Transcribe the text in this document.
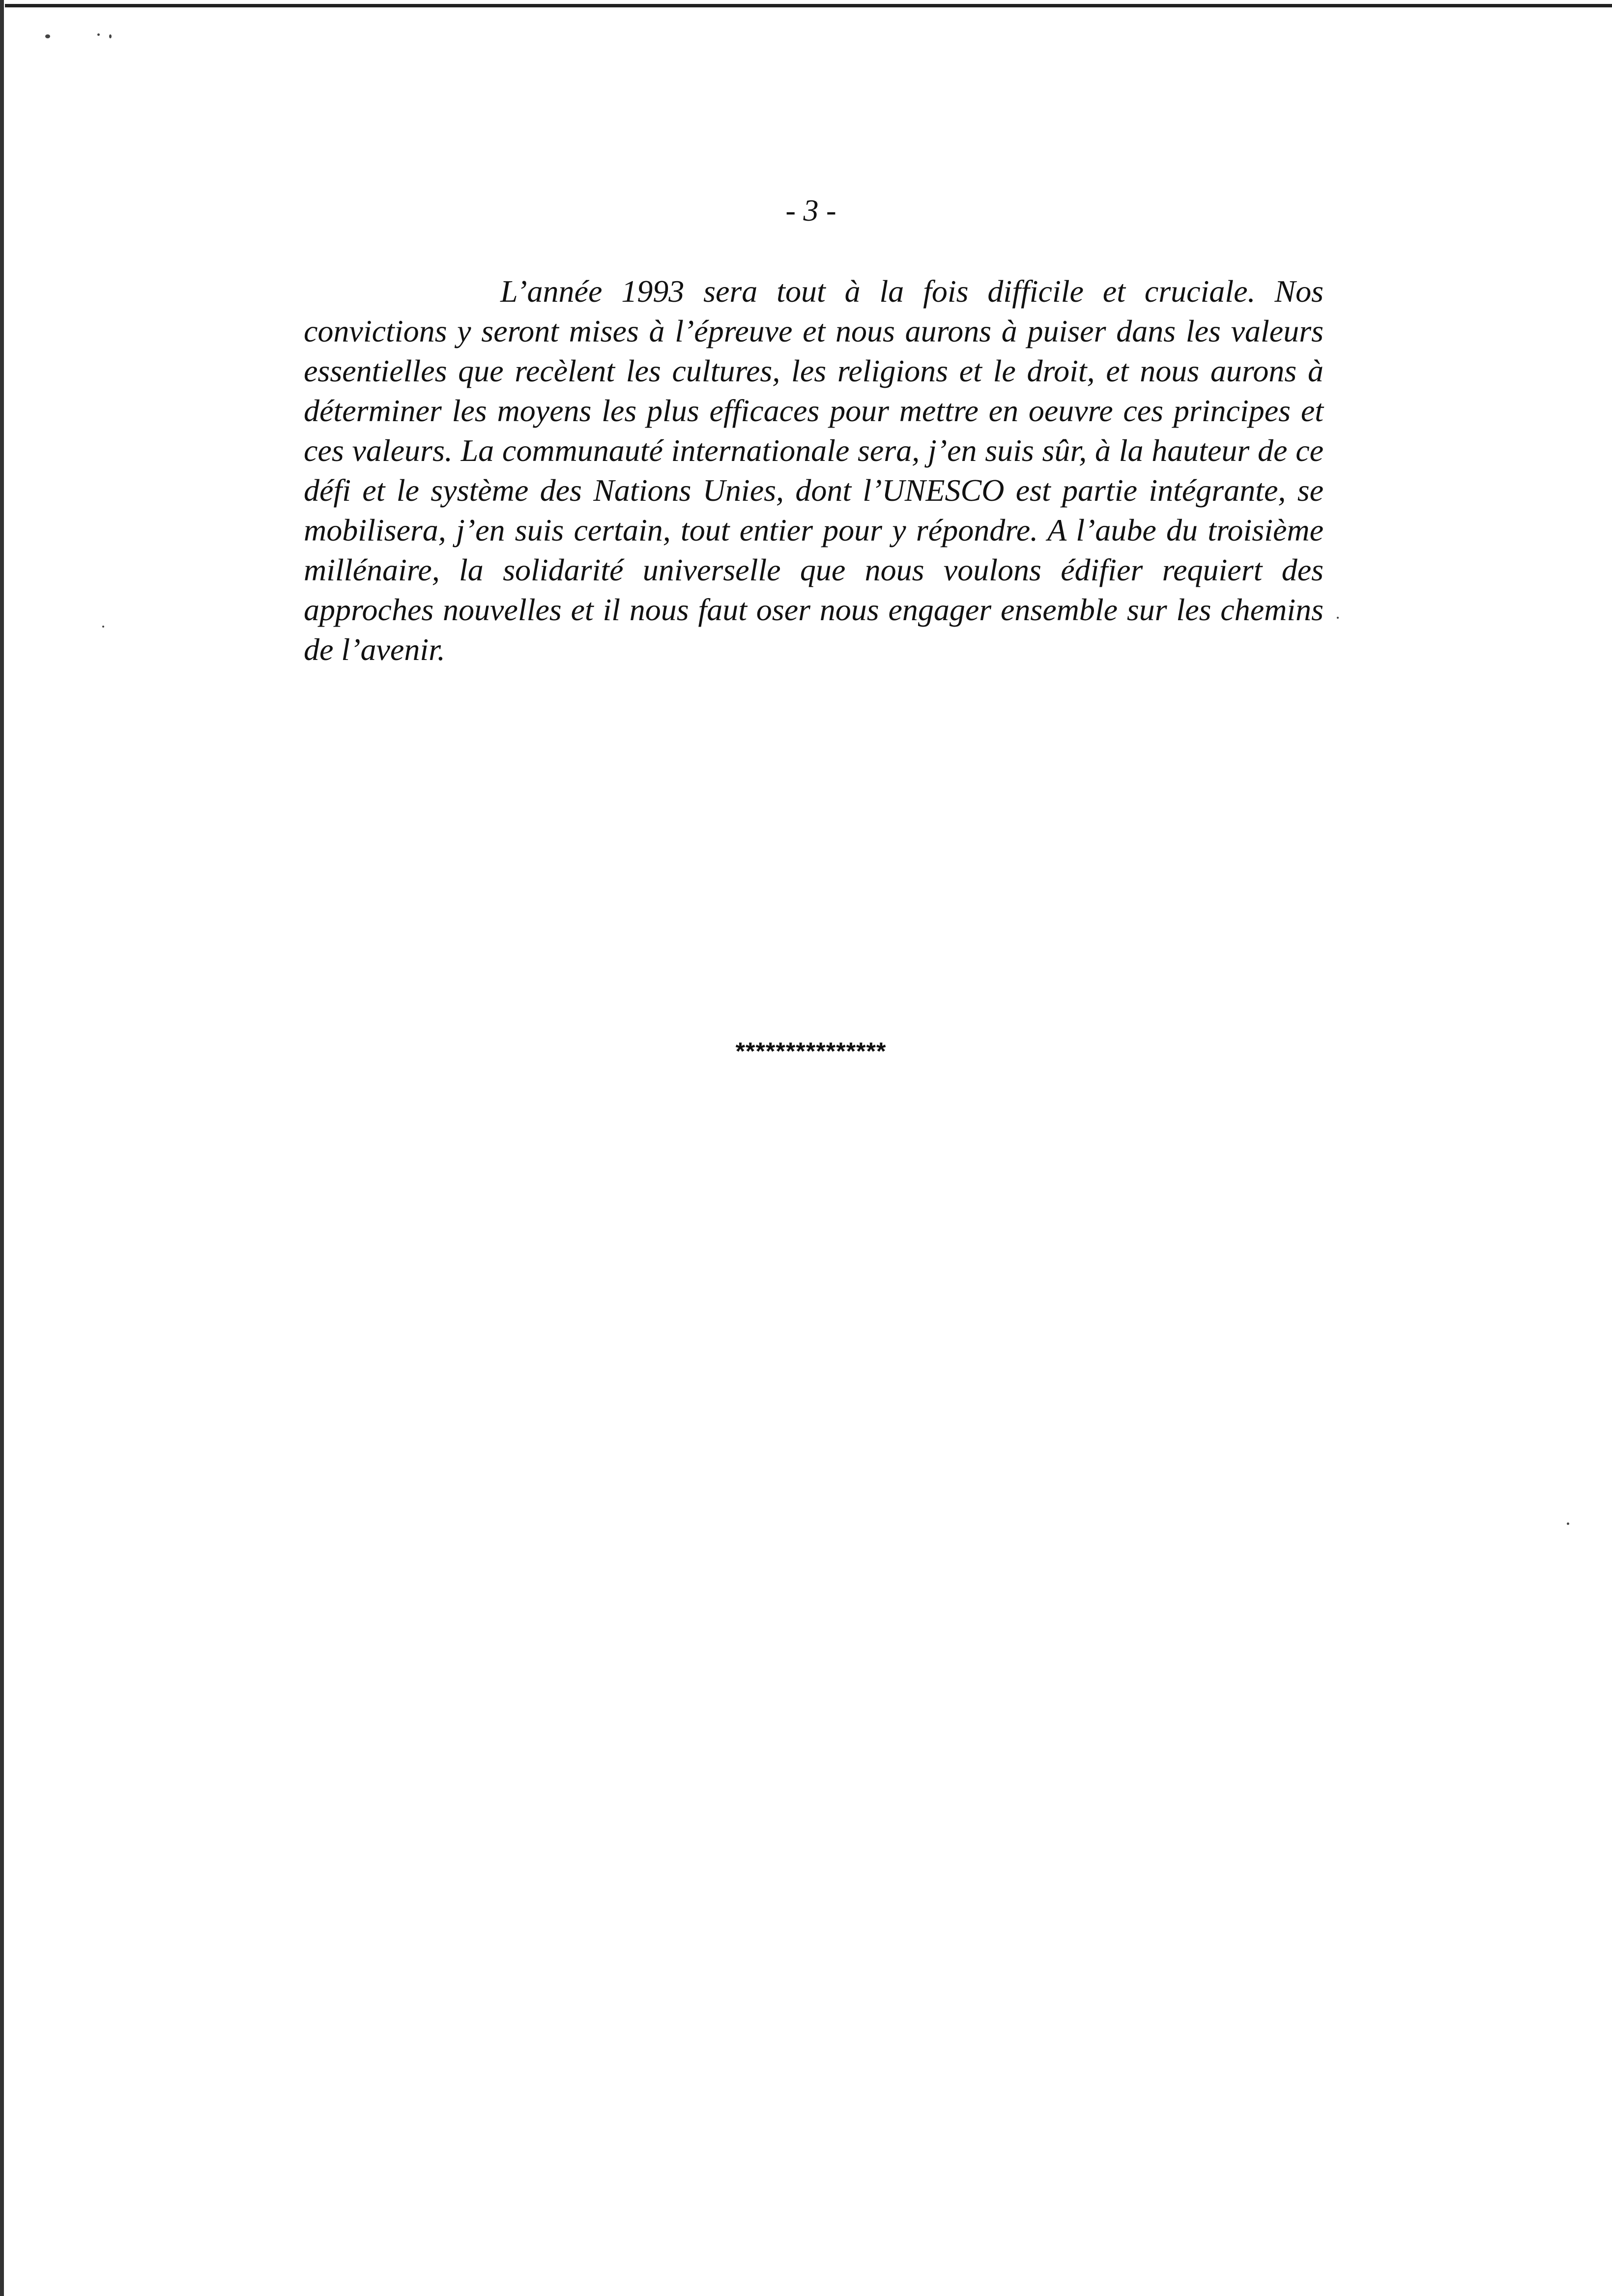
- 3 -

L’année 1993 sera tout à la fois difficile et cruciale. Nos convictions y seront mises à l’épreuve et nous aurons à puiser dans les valeurs essentielles que recèlent les cultures, les religions et le droit, et nous aurons à déterminer les moyens les plus efficaces pour mettre en oeuvre ces principes et ces valeurs. La communauté internationale sera, j’en suis sûr, à la hauteur de ce défi et le système des Nations Unies, dont l’UNESCO est partie intégrante, se mobilisera, j’en suis certain, tout entier pour y répondre. A l’aube du troisième millénaire, la solidarité universelle que nous voulons édifier requiert des approches nouvelles et il nous faut oser nous engager ensemble sur les chemins de l’avenir.

***************
